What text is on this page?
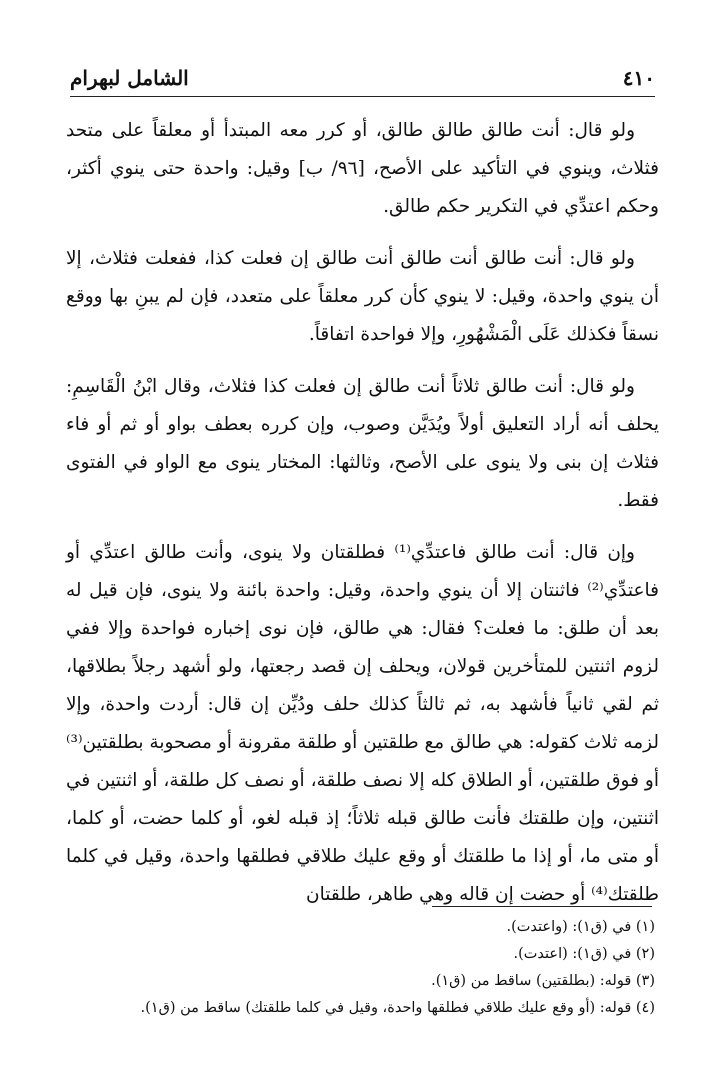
٤١٠
الشامل لبهرام

ولو قال: أنت طالق طالق طالق، أو كرر معه المبتدأ أو معلقاً على متحد فثلاث، وينوي في التأكيد على الأصح، [٩٦/ ب] وقيل: واحدة حتى ينوي أكثر، وحكم اعتدِّي في التكرير حكم طالق.

ولو قال: أنت طالق أنت طالق أنت طالق إن فعلت كذا، ففعلت فثلاث، إلا أن ينوي واحدة، وقيل: لا ينوي كأن كرر معلقاً على متعدد، فإن لم يبنِ بها ووقع نسقاً فكذلك عَلَى الْمَشْهُورِ، وإلا فواحدة اتفاقاً.

ولو قال: أنت طالق ثلاثاً أنت طالق إن فعلت كذا فثلاث، وقال ابْنُ الْقَاسِمِ: يحلف أنه أراد التعليق أولاً ويُدَيَّن وصوب، وإن كرره بعطف بواو أو ثم أو فاء فثلاث إن بنى ولا ينوى على الأصح، وثالثها: المختار ينوى مع الواو في الفتوى فقط.

وإن قال: أنت طالق فاعتدِّي⁽¹⁾ فطلقتان ولا ينوى، وأنت طالق اعتدِّي أو فاعتدِّي⁽²⁾ فاثنتان إلا أن ينوي واحدة، وقيل: واحدة بائنة ولا ينوى، فإن قيل له بعد أن طلق: ما فعلت؟ فقال: هي طالق، فإن نوى إخباره فواحدة وإلا ففي لزوم اثنتين للمتأخرين قولان، ويحلف إن قصد رجعتها، ولو أشهد رجلاً بطلاقها، ثم لقي ثانياً فأشهد به، ثم ثالثاً كذلك حلف ودُيِّن إن قال: أردت واحدة، وإلا لزمه ثلاث كقوله: هي طالق مع طلقتين أو طلقة مقرونة أو مصحوبة بطلقتين⁽³⁾ أو فوق طلقتين، أو الطلاق كله إلا نصف طلقة، أو نصف كل طلقة، أو اثنتين في اثنتين، وإن طلقتك فأنت طالق قبله ثلاثاً؛ إذ قبله لغو، أو كلما حضت، أو كلما، أو متى ما، أو إذا ما طلقتك أو وقع عليك طلاقي فطلقها واحدة، وقيل في كلما طلقتك⁽⁴⁾ أو حضت إن قاله وهي طاهر، طلقتان

(١) في (ق١): (واعتدت).

(٢) في (ق١): (اعتدت).

(٣) قوله: (بطلقتين) ساقط من (ق١).

(٤) قوله: (أو وقع عليك طلاقي فطلقها واحدة، وقيل في كلما طلقتك) ساقط من (ق١).
